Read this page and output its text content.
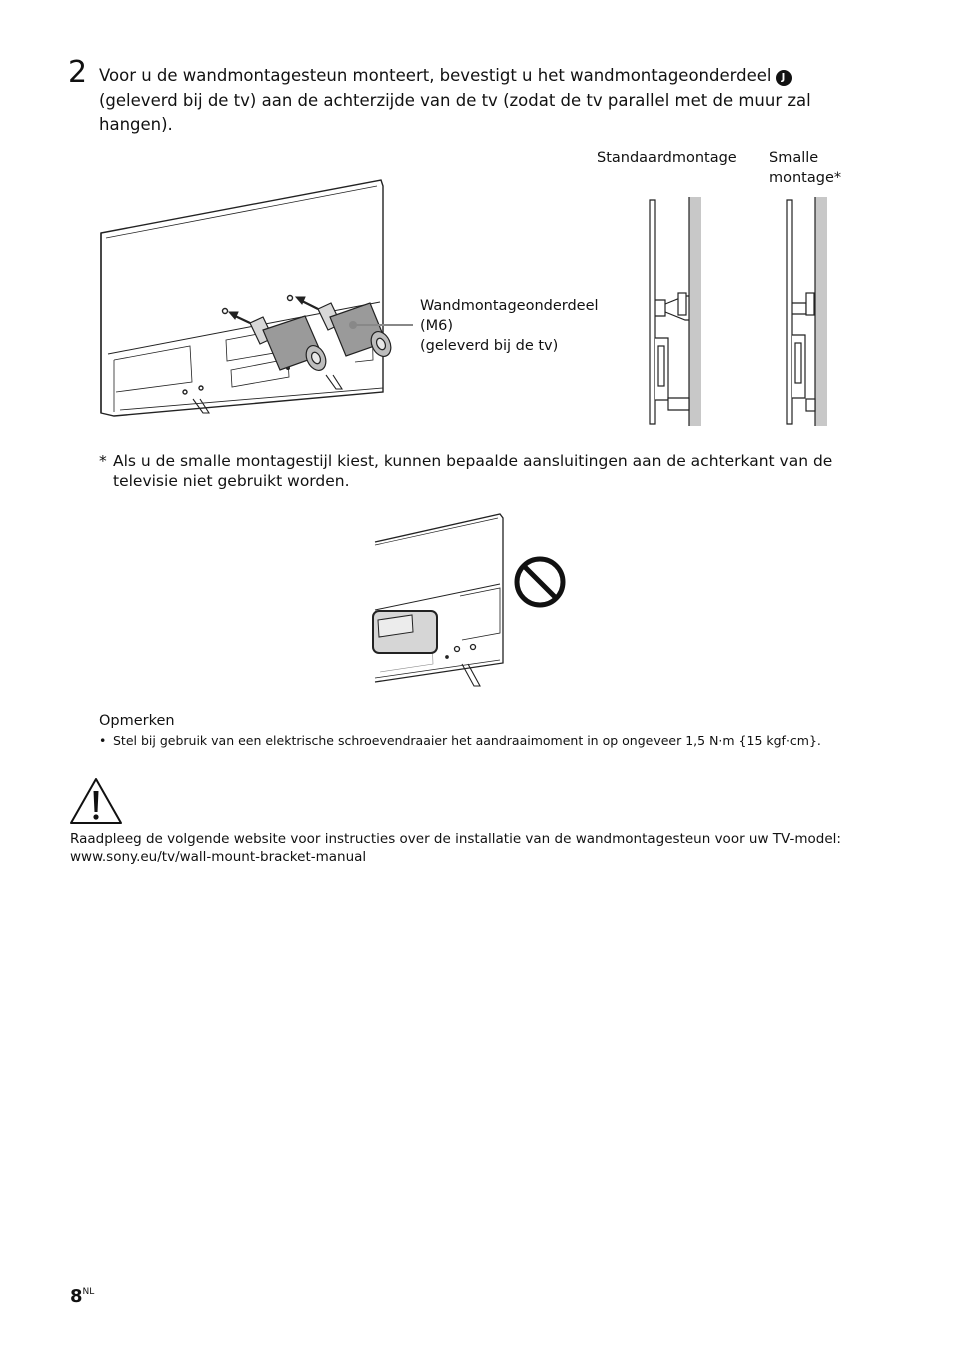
2 Voor u de wandmontagesteun monteert, bevestigt u het wandmontageonderdeel J (geleverd bij de tv) aan de achterzijde van de tv (zodat de tv parallel met de muur zal hangen).
Wandmontageonderdeel
(M6)
(geleverd bij de tv)
Standaardmontage Smalle
montage*
* Als u de smalle montagestijl kiest, kunnen bepaalde aansluitingen aan de achterkant van de televisie niet gebruikt worden.
Opmerken
• Stel bij gebruik van een elektrische schroevendraaier het aandraaimoment in op ongeveer 1,5 N·m {15 kgf·cm}.
Raadpleeg de volgende website voor instructies over de installatie van de wandmontagesteun voor uw TV-model:
www.sony.eu/tv/wall-mount-bracket-manual
$8^{NL}$
